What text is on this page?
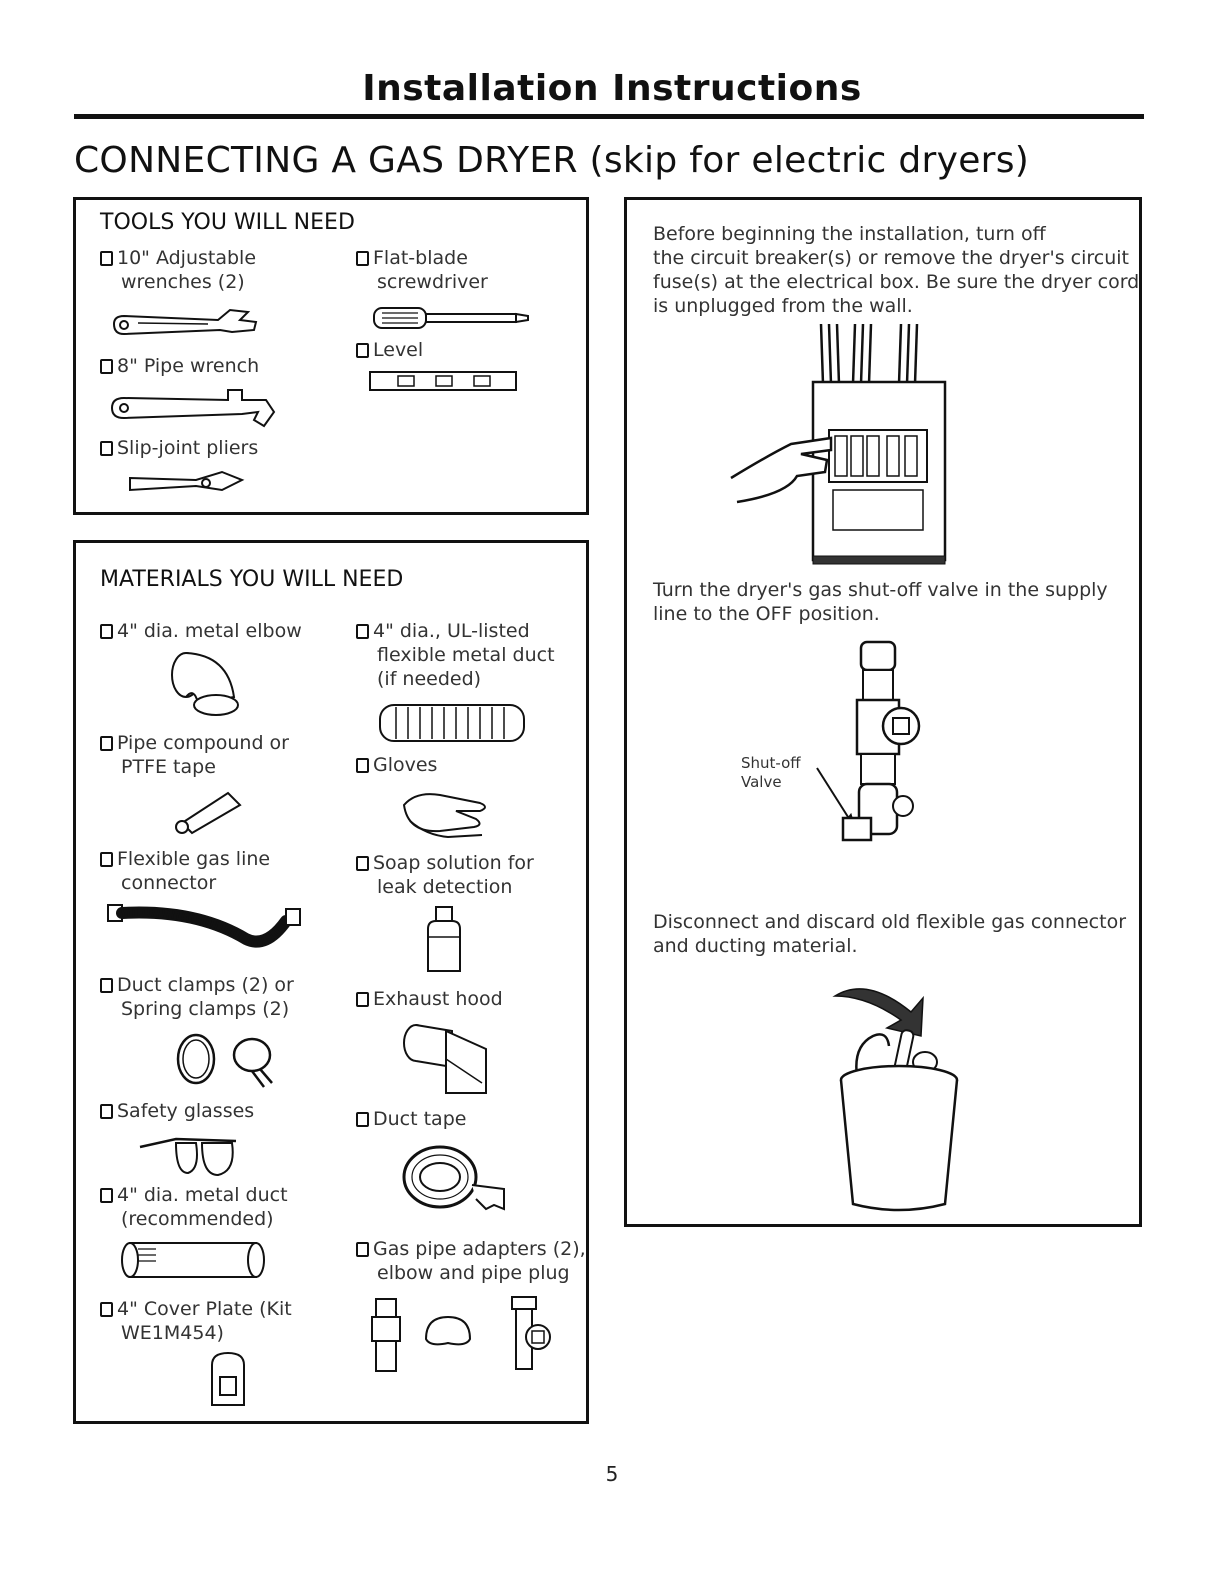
Installation Instructions
CONNECTING A GAS DRYER (skip for electric dryers)
TOOLS YOU WILL NEED
10" Adjustable
wrenches (2)
8" Pipe wrench
Slip-joint pliers
Flat-blade
screwdriver
Level
MATERIALS YOU WILL NEED
4" dia. metal elbow
Pipe compound or
PTFE tape
Flexible gas line
connector
Duct clamps (2) or
Spring clamps (2)
Safety glasses
4" dia. metal duct
(recommended)
4" Cover Plate (Kit
WE1M454)
4" dia., UL-listed
flexible metal duct
(if needed)
Gloves
Soap solution for
leak detection
Exhaust hood
Duct tape
Gas pipe adapters (2),
elbow and pipe plug
Before beginning the installation, turn off
the circuit breaker(s) or remove the dryer's circuit
fuse(s) at the electrical box. Be sure the dryer cord
is unplugged from the wall.
Turn the dryer's gas shut-off valve in the supply
line to the OFF position.
Shut-off
Valve
Disconnect and discard old flexible gas connector
and ducting material.
5
